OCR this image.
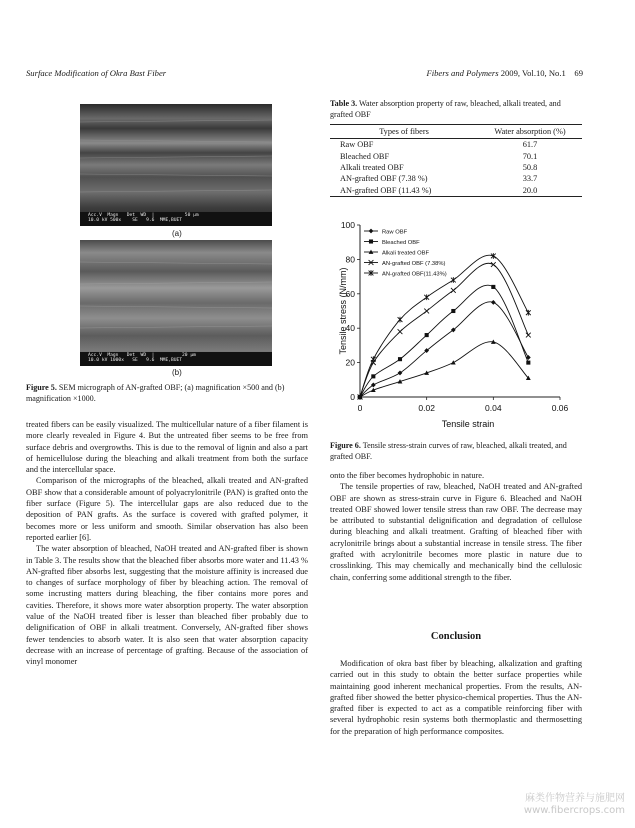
Surface Modification of Okra Bast Fiber	Fibers and Polymers 2009, Vol.10, No.1 69
Acc.V  Magn   Det  WD  |           50 µm
10.0 kV 500x    SE   9.6  MME,BUET
(a)
Acc.V  Magn   Det  WD  |          20 µm
10.0 kV 1000x   SE   9.6  MME,BUET
(b)
Figure 5. SEM micrograph of AN-grafted OBF; (a) magnification ×500 and (b) magnification ×1000.

treated fibers can be easily visualized. The multicellular nature of a fiber filament is more clearly revealed in Figure 4. But the untreated fiber seems to be free from surface debris and overgrowths. This is due to the removal of lignin and also a part of hemicellulose during the bleaching and alkali treatment from both the surface and the intercellular space.

Comparison of the micrographs of the bleached, alkali treated and AN-grafted OBF show that a considerable amount of polyacrylonitrile (PAN) is grafted onto the fiber surface (Figure 5). The intercellular gaps are also reduced due to the deposition of PAN grafts. As the surface is covered with grafted polymer, it becomes more or less uniform and smooth. Similar observation has also been reported earlier [6].

The water absorption of bleached, NaOH treated and AN-grafted fiber is shown in Table 3. The results show that the bleached fiber absorbs more water and 11.43 % AN-grafted fiber absorbs lest, suggesting that the moisture affinity is increased due to changes of surface morphology of fiber by bleaching action. The removal of some incrusting matters during bleaching, the fiber contains more pores and cavities. Therefore, it shows more water absorption property. The water absorption value of the NaOH treated fiber is lesser than bleached fiber probably due to delignification of OBF in alkali treatment. Conversely, AN-grafted fiber shows fewer tendencies to absorb water. It is also seen that water absorption capacity decrease with an increase of percentage of grafting. Because of the association of vinyl monomer

Table 3. Water absorption property of raw, bleached, alkali treated, and grafted OBF
Types of fibers	Water absorption (%)
Raw OBF	61.7
Bleached OBF	70.1
Alkali treated OBF	50.8
AN-grafted OBF (7.38 %)	33.7
AN-grafted OBF (11.43 %)	20.0
0
20
40
60
80
100
0	0.02	0.04	0.06
Tensile strain
Tensile stress (N/mm)
Raw OBF
Bleached OBF
Alkali treated OBF
AN-grafted OBF (7.38%)
AN-grafted OBF(11.43%)
Figure 6. Tensile stress-strain curves of raw, bleached, alkali treated, and grafted OBF.

onto the fiber becomes hydrophobic in nature.

The tensile properties of raw, bleached, NaOH treated and AN-grafted OBF are shown as stress-strain curve in Figure 6. Bleached and NaOH treated OBF showed lower tensile stress than raw OBF. The decrease may be attributed to substantial delignification and degradation of cellulose during bleaching and alkali treatment. Grafting of bleached fiber with acrylonitrile brings about a substantial increase in tensile stress. The fiber grafted with acrylonitrile becomes more plastic in nature due to crosslinking. This may chemically and mechanically bind the cellulosic chain, conferring some additional strength to the fiber.

Conclusion

Modification of okra bast fiber by bleaching, alkalization and grafting carried out in this study to obtain the better surface properties while maintaining good inherent mechanical properties. From the results, AN-grafted fiber showed the better physico-chemical properties. Thus the AN-grafted fiber is expected to act as a compatible reinforcing fiber with several hydrophobic resin systems both thermoplastic and thermosetting for the preparation of high performance composites.

麻类作物营养与施肥网
www.fibercrops.com
